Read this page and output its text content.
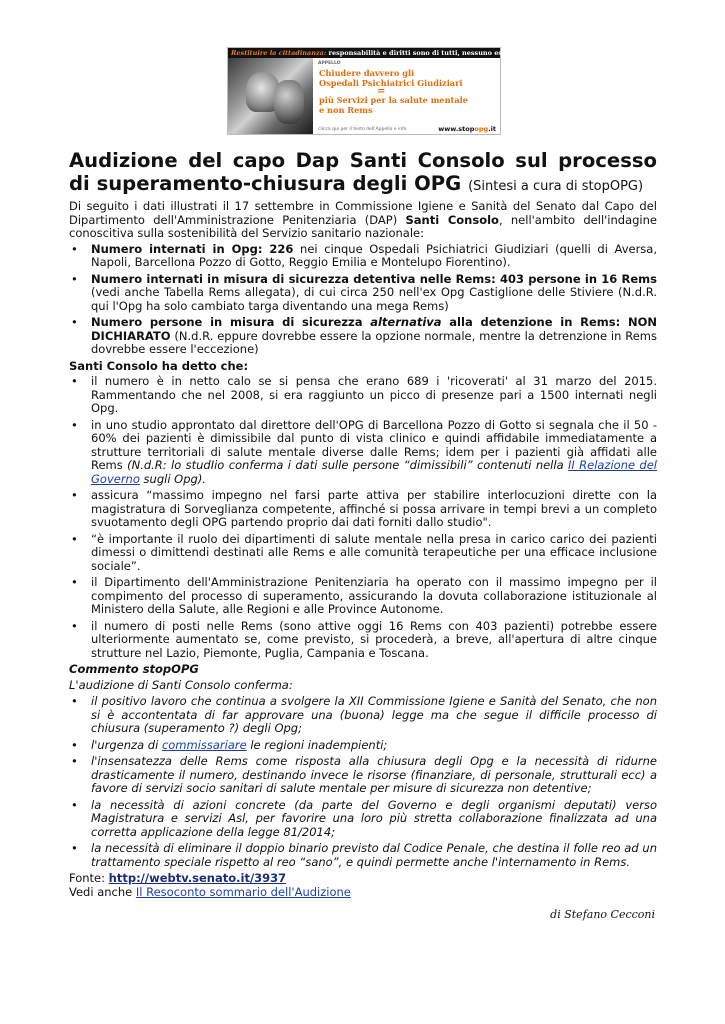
Restituire la cittadinanza: responsabilità e diritti sono di tutti, nessuno escluso
APPELLO
Chiudere davvero gli
Ospedali Psichiatrici Giudiziari
=
più Servizi per la salute mentale
e non Rems
clicca qui per il testo dell'Appello e info	www.stopopg.it
Audizione del capo Dap Santi Consolo sul processo di superamento-chiusura degli OPG (Sintesi a cura di stopOPG)

Di seguito i dati illustrati il 17 settembre in Commissione Igiene e Sanità del Senato dal Capo del Dipartimento dell'Amministrazione Penitenziaria (DAP) Santi Consolo, nell'ambito dell'indagine conoscitiva sulla sostenibilità del Servizio sanitario nazionale:

• Numero internati in Opg: 226 nei cinque Ospedali Psichiatrici Giudiziari (quelli di Aversa, Napoli, Barcellona Pozzo di Gotto, Reggio Emilia e Montelupo Fiorentino).
• Numero internati in misura di sicurezza detentiva nelle Rems: 403 persone in 16 Rems (vedi anche Tabella Rems allegata), di cui circa 250 nell'ex Opg Castiglione delle Stiviere (N.d.R. qui l'Opg ha solo cambiato targa diventando una mega Rems)
• Numero persone in misura di sicurezza alternativa alla detenzione in Rems: NON DICHIARATO (N.d.R. eppure dovrebbe essere la opzione normale, mentre la detrenzione in Rems dovrebbe essere l'eccezione)

Santi Consolo ha detto che:

• il numero è in netto calo se si pensa che erano 689 i 'ricoverati' al 31 marzo del 2015. Rammentando che nel 2008, si era raggiunto un picco di presenze pari a 1500 internati negli Opg.
• in uno studio approntato dal direttore dell'OPG di Barcellona Pozzo di Gotto si segnala che il 50 - 60% dei pazienti è dimissibile dal punto di vista clinico e quindi affidabile immediatamente a strutture territoriali di salute mentale diverse dalle Rems; idem per i pazienti già affidati alle Rems (N.d.R: lo studIio conferma i dati sulle persone “dimissibili” contenuti nella II Relazione del Governo sugli Opg).
• assicura “massimo impegno nel farsi parte attiva per stabilire interlocuzioni dirette con la magistratura di Sorveglianza competente, affinché si possa arrivare in tempi brevi a un completo svuotamento degli OPG partendo proprio dai dati forniti dallo studio".
• “è importante il ruolo dei dipartimenti di salute mentale nella presa in carico carico dei pazienti dimessi o dimittendi destinati alle Rems e alle comunità terapeutiche per una efficace inclusione sociale”.
• il Dipartimento dell'Amministrazione Penitenziaria ha operato con il massimo impegno per il compimento del processo di superamento, assicurando la dovuta collaborazione istituzionale al Ministero della Salute, alle Regioni e alle Province Autonome.
• il numero di posti nelle Rems (sono attive oggi 16 Rems con 403 pazienti) potrebbe essere ulteriormente aumentato se, come previsto, si procederà, a breve, all'apertura di altre cinque strutture nel Lazio, Piemonte, Puglia, Campania e Toscana.

Commento stopOPG

L'audizione di Santi Consolo conferma:

• il positivo lavoro che continua a svolgere la XII Commissione Igiene e Sanità del Senato, che non si è accontentata di far approvare una (buona) legge ma che segue il difficile processo di chiusura (superamento ?) degli Opg;
• l'urgenza di commissariare le regioni inadempienti;
• l'insensatezza delle Rems come risposta alla chiusura degli Opg e la necessità di ridurne drasticamente il numero, destinando invece le risorse (finanziare, di personale, strutturali ecc) a favore di servizi socio sanitari di salute mentale per misure di sicurezza non detentive;
• la necessità di azioni concrete (da parte del Governo e degli organismi deputati) verso Magistratura e servizi Asl, per favorire una loro più stretta collaborazione finalizzata ad una corretta applicazione della legge 81/2014;
• la necessità di eliminare il doppio binario previsto dal Codice Penale, che destina il folle reo ad un trattamento speciale rispetto al reo “sano”, e quindi permette anche l'internamento in Rems.

Fonte: http://webtv.senato.it/3937

Vedi anche Il Resoconto sommario dell'Audizione

di Stefano Cecconi
